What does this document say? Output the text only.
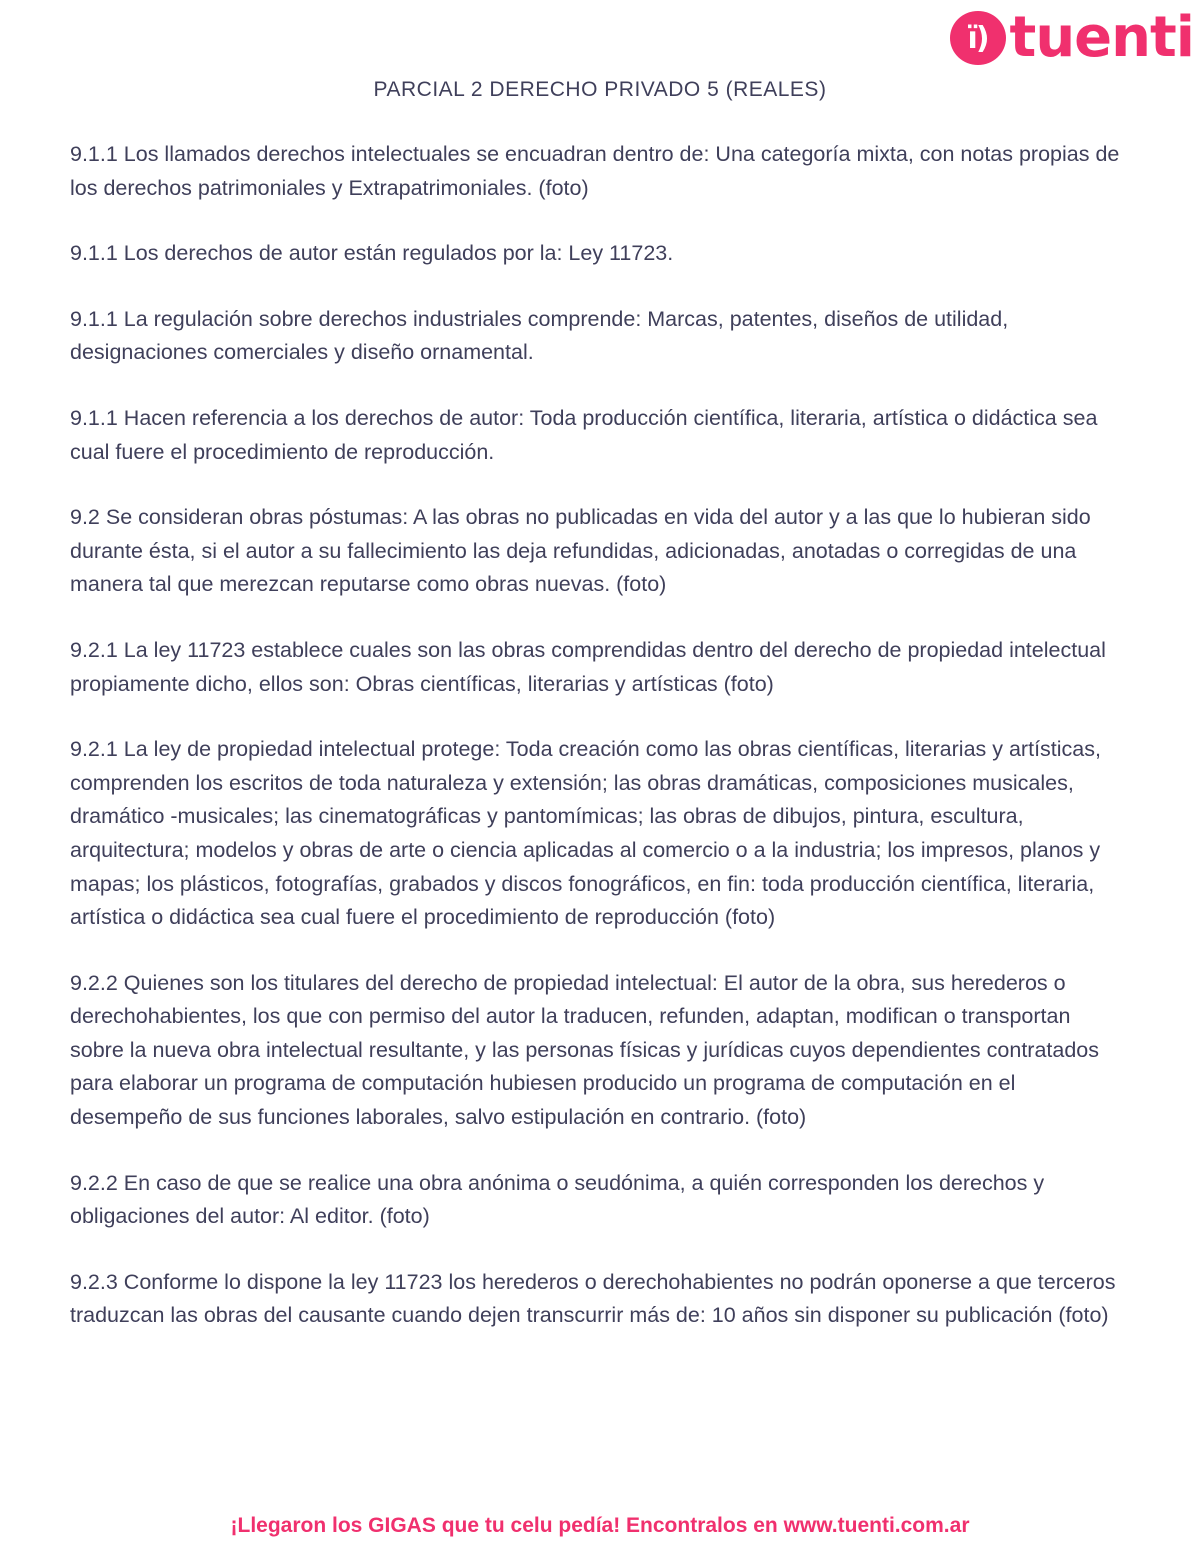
ï) tuenti
PARCIAL 2 DERECHO PRIVADO 5 (REALES)

9.1.1 Los llamados derechos intelectuales se encuadran dentro de: Una categoría mixta, con notas propias de los derechos patrimoniales y Extrapatrimoniales. (foto)

9.1.1 Los derechos de autor están regulados por la: Ley 11723.

9.1.1 La regulación sobre derechos industriales comprende: Marcas, patentes, diseños de utilidad, designaciones comerciales y diseño ornamental.

9.1.1 Hacen referencia a los derechos de autor: Toda producción científica, literaria, artística o didáctica sea cual fuere el procedimiento de reproducción.

9.2 Se consideran obras póstumas: A las obras no publicadas en vida del autor y a las que lo hubieran sido durante ésta, si el autor a su fallecimiento las deja refundidas, adicionadas, anotadas o corregidas de una manera tal que merezcan reputarse como obras nuevas. (foto)

9.2.1 La ley 11723 establece cuales son las obras comprendidas dentro del derecho de propiedad intelectual propiamente dicho, ellos son: Obras científicas, literarias y artísticas (foto)

9.2.1 La ley de propiedad intelectual protege: Toda creación como las obras científicas, literarias y artísticas, comprenden los escritos de toda naturaleza y extensión; las obras dramáticas, composiciones musicales, dramático -musicales; las cinematográficas y pantomímicas; las obras de dibujos, pintura, escultura, arquitectura; modelos y obras de arte o ciencia aplicadas al comercio o a la industria; los impresos, planos y mapas; los plásticos, fotografías, grabados y discos fonográficos, en fin: toda producción científica, literaria, artística o didáctica sea cual fuere el procedimiento de reproducción (foto)

9.2.2 Quienes son los titulares del derecho de propiedad intelectual: El autor de la obra, sus herederos o derechohabientes, los que con permiso del autor la traducen, refunden, adaptan, modifican o transportan sobre la nueva obra intelectual resultante, y las personas físicas y jurídicas cuyos dependientes contratados para elaborar un programa de computación hubiesen producido un programa de computación en el desempeño de sus funciones laborales, salvo estipulación en contrario. (foto)

9.2.2 En caso de que se realice una obra anónima o seudónima, a quién corresponden los derechos y obligaciones del autor: Al editor. (foto)

9.2.3 Conforme lo dispone la ley 11723 los herederos o derechohabientes no podrán oponerse a que terceros traduzcan las obras del causante cuando dejen transcurrir más de: 10 años sin disponer su publicación (foto)

¡Llegaron los GIGAS que tu celu pedía! Encontralos en www.tuenti.com.ar
